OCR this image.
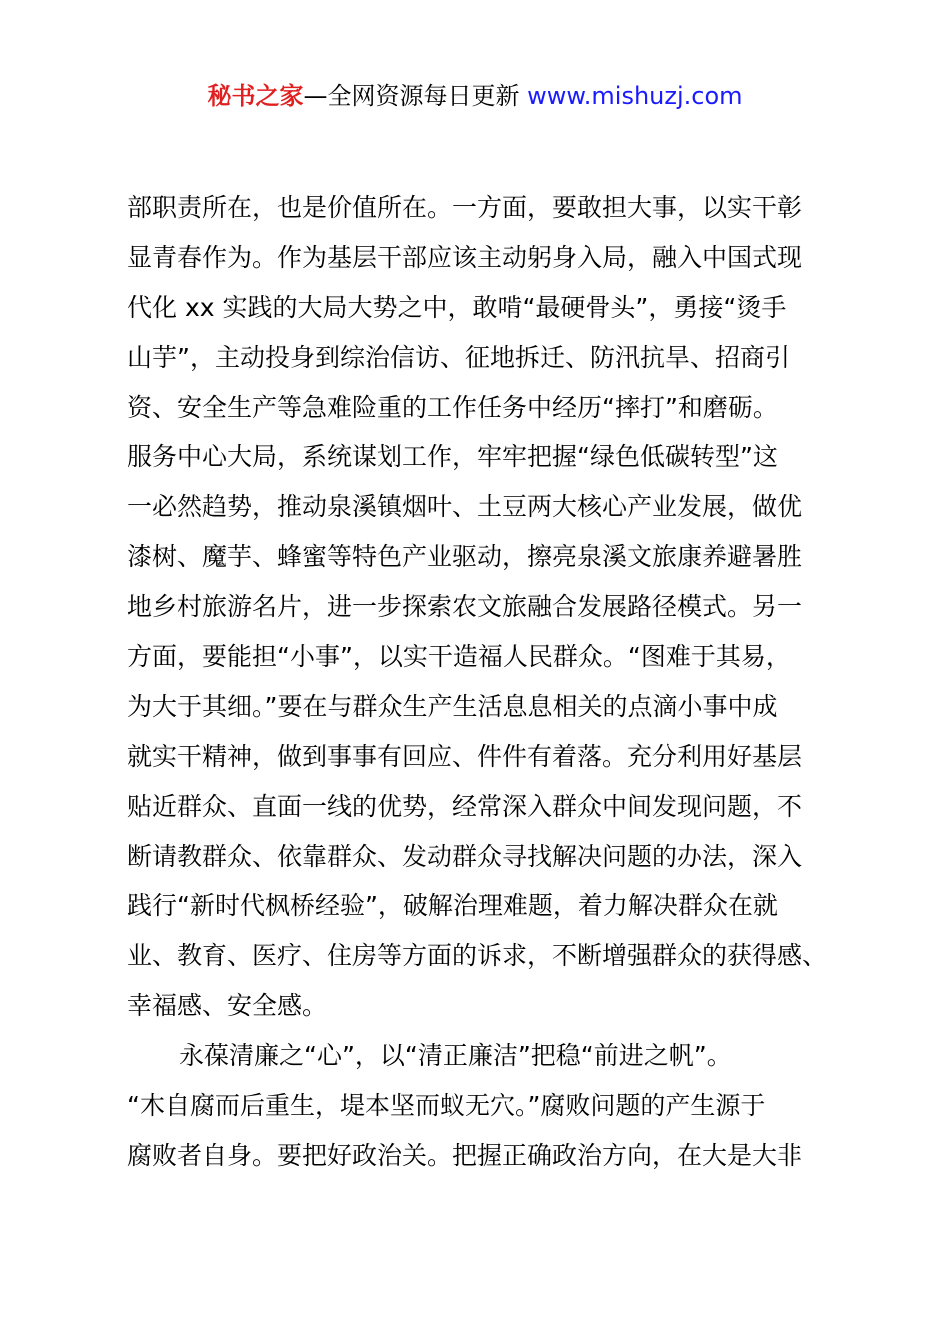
秘书之家—全网资源每日更新 www.mishuzj.com
部职责所在，也是价值所在。一方面，要敢担大事，以实干彰
显青春作为。作为基层干部应该主动躬身入局，融入中国式现
代化 xx 实践的大局大势之中，敢啃“最硬骨头”，勇接“烫手
山芋”，主动投身到综治信访、征地拆迁、防汛抗旱、招商引
资、安全生产等急难险重的工作任务中经历“摔打”和磨砺。
服务中心大局，系统谋划工作，牢牢把握“绿色低碳转型”这
一必然趋势，推动泉溪镇烟叶、土豆两大核心产业发展，做优
漆树、魔芋、蜂蜜等特色产业驱动，擦亮泉溪文旅康养避暑胜
地乡村旅游名片，进一步探索农文旅融合发展路径模式。另一
方面，要能担“小事”，以实干造福人民群众。“图难于其易，
为大于其细。”要在与群众生产生活息息相关的点滴小事中成
就实干精神，做到事事有回应、件件有着落。充分利用好基层
贴近群众、直面一线的优势，经常深入群众中间发现问题，不
断请教群众、依靠群众、发动群众寻找解决问题的办法，深入
践行“新时代枫桥经验”，破解治理难题，着力解决群众在就
业、教育、医疗、住房等方面的诉求，不断增强群众的获得感、
幸福感、安全感。
永葆清廉之“心”，以“清正廉洁”把稳“前进之帆”。
“木自腐而后重生，堤本坚而蚁无穴。”腐败问题的产生源于
腐败者自身。要把好政治关。把握正确政治方向，在大是大非
